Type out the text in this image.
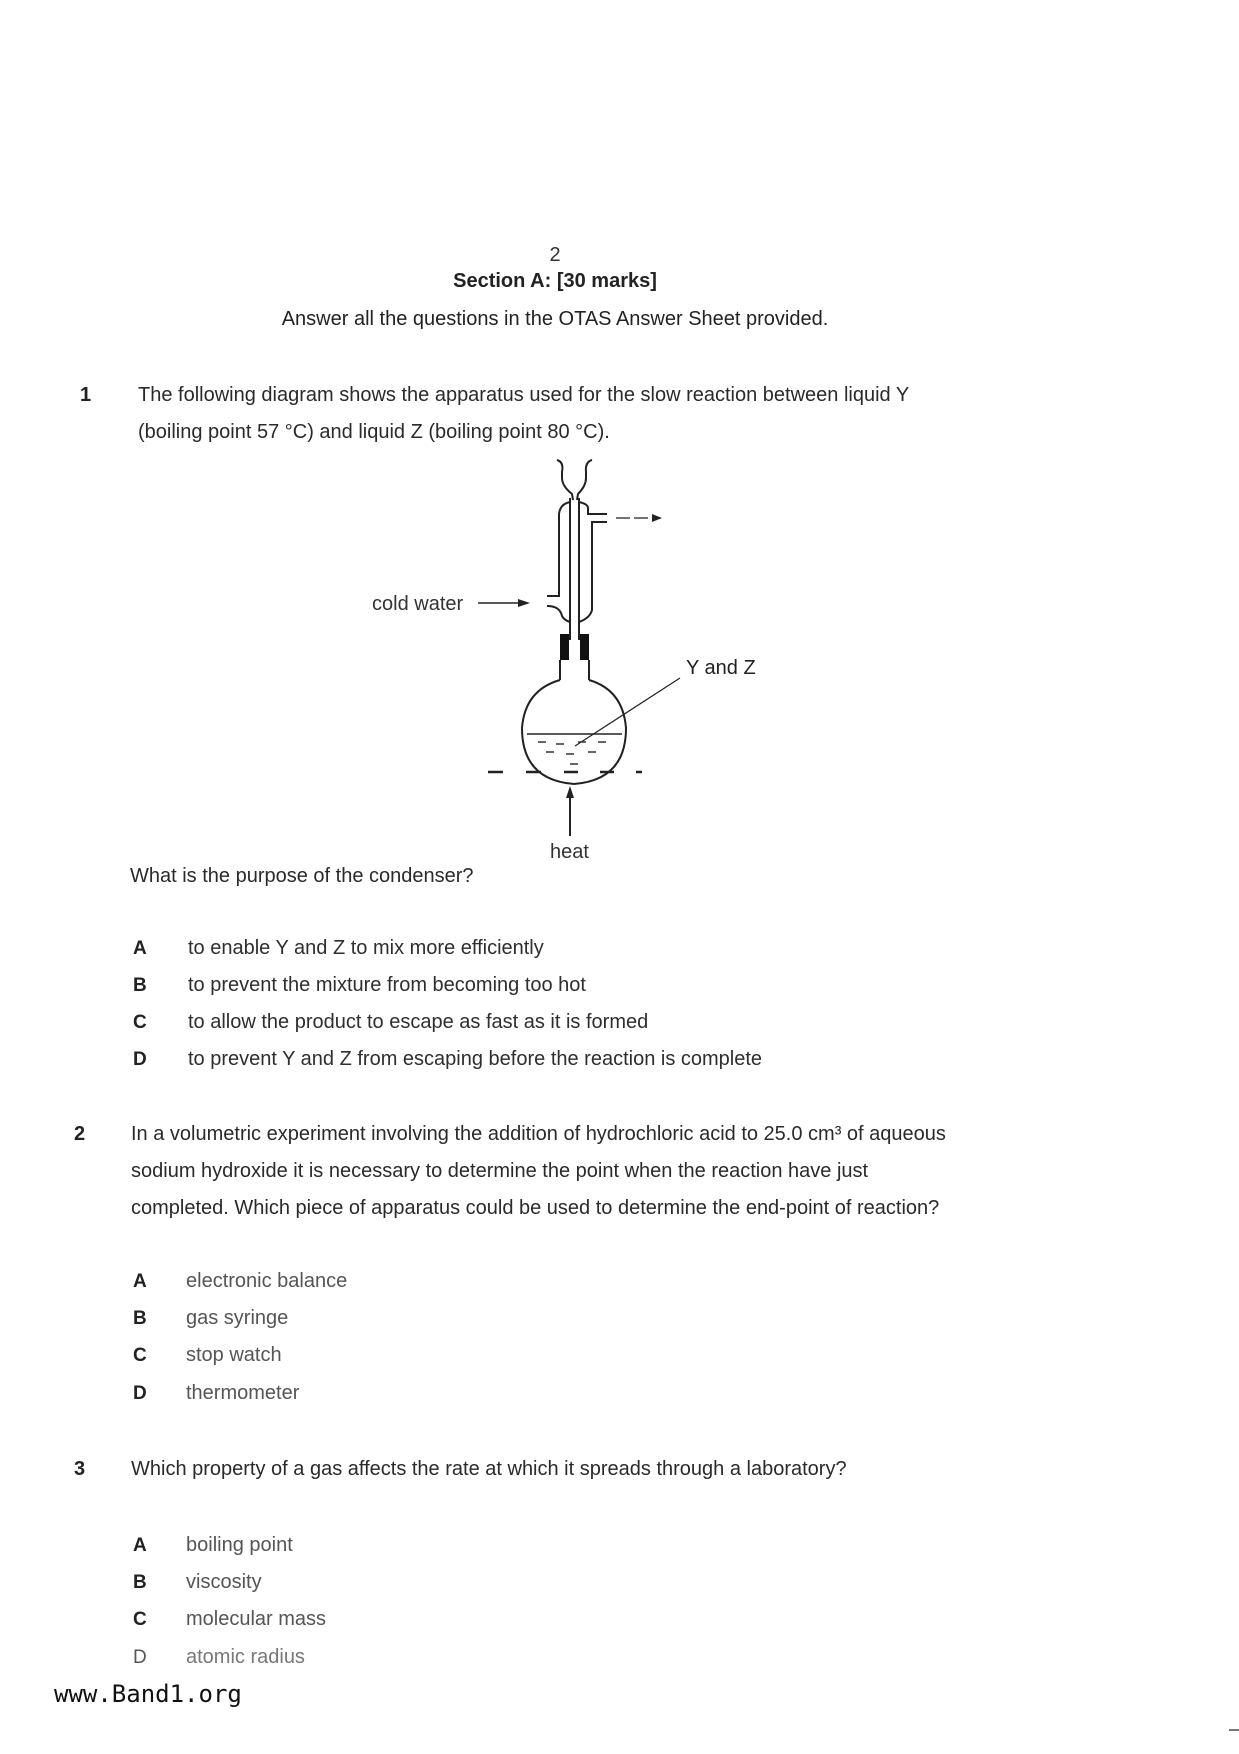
2
Section A: [30 marks]
Answer all the questions in the OTAS Answer Sheet provided.
1 The following diagram shows the apparatus used for the slow reaction between liquid Y
(boiling point 57 °C) and liquid Z (boiling point 80 °C).
cold water
Y and Z
heat
What is the purpose of the condenser?
A to enable Y and Z to mix more efficiently
B to prevent the mixture from becoming too hot
C to allow the product to escape as fast as it is formed
D to prevent Y and Z from escaping before the reaction is complete
2 In a volumetric experiment involving the addition of hydrochloric acid to 25.0 cm³ of aqueous
sodium hydroxide it is necessary to determine the point when the reaction have just
completed. Which piece of apparatus could be used to determine the end-point of reaction?
A electronic balance
B gas syringe
C stop watch
D thermometer
3 Which property of a gas affects the rate at which it spreads through a laboratory?
A boiling point
B viscosity
C molecular mass
D atomic radius
www.Band1.org
